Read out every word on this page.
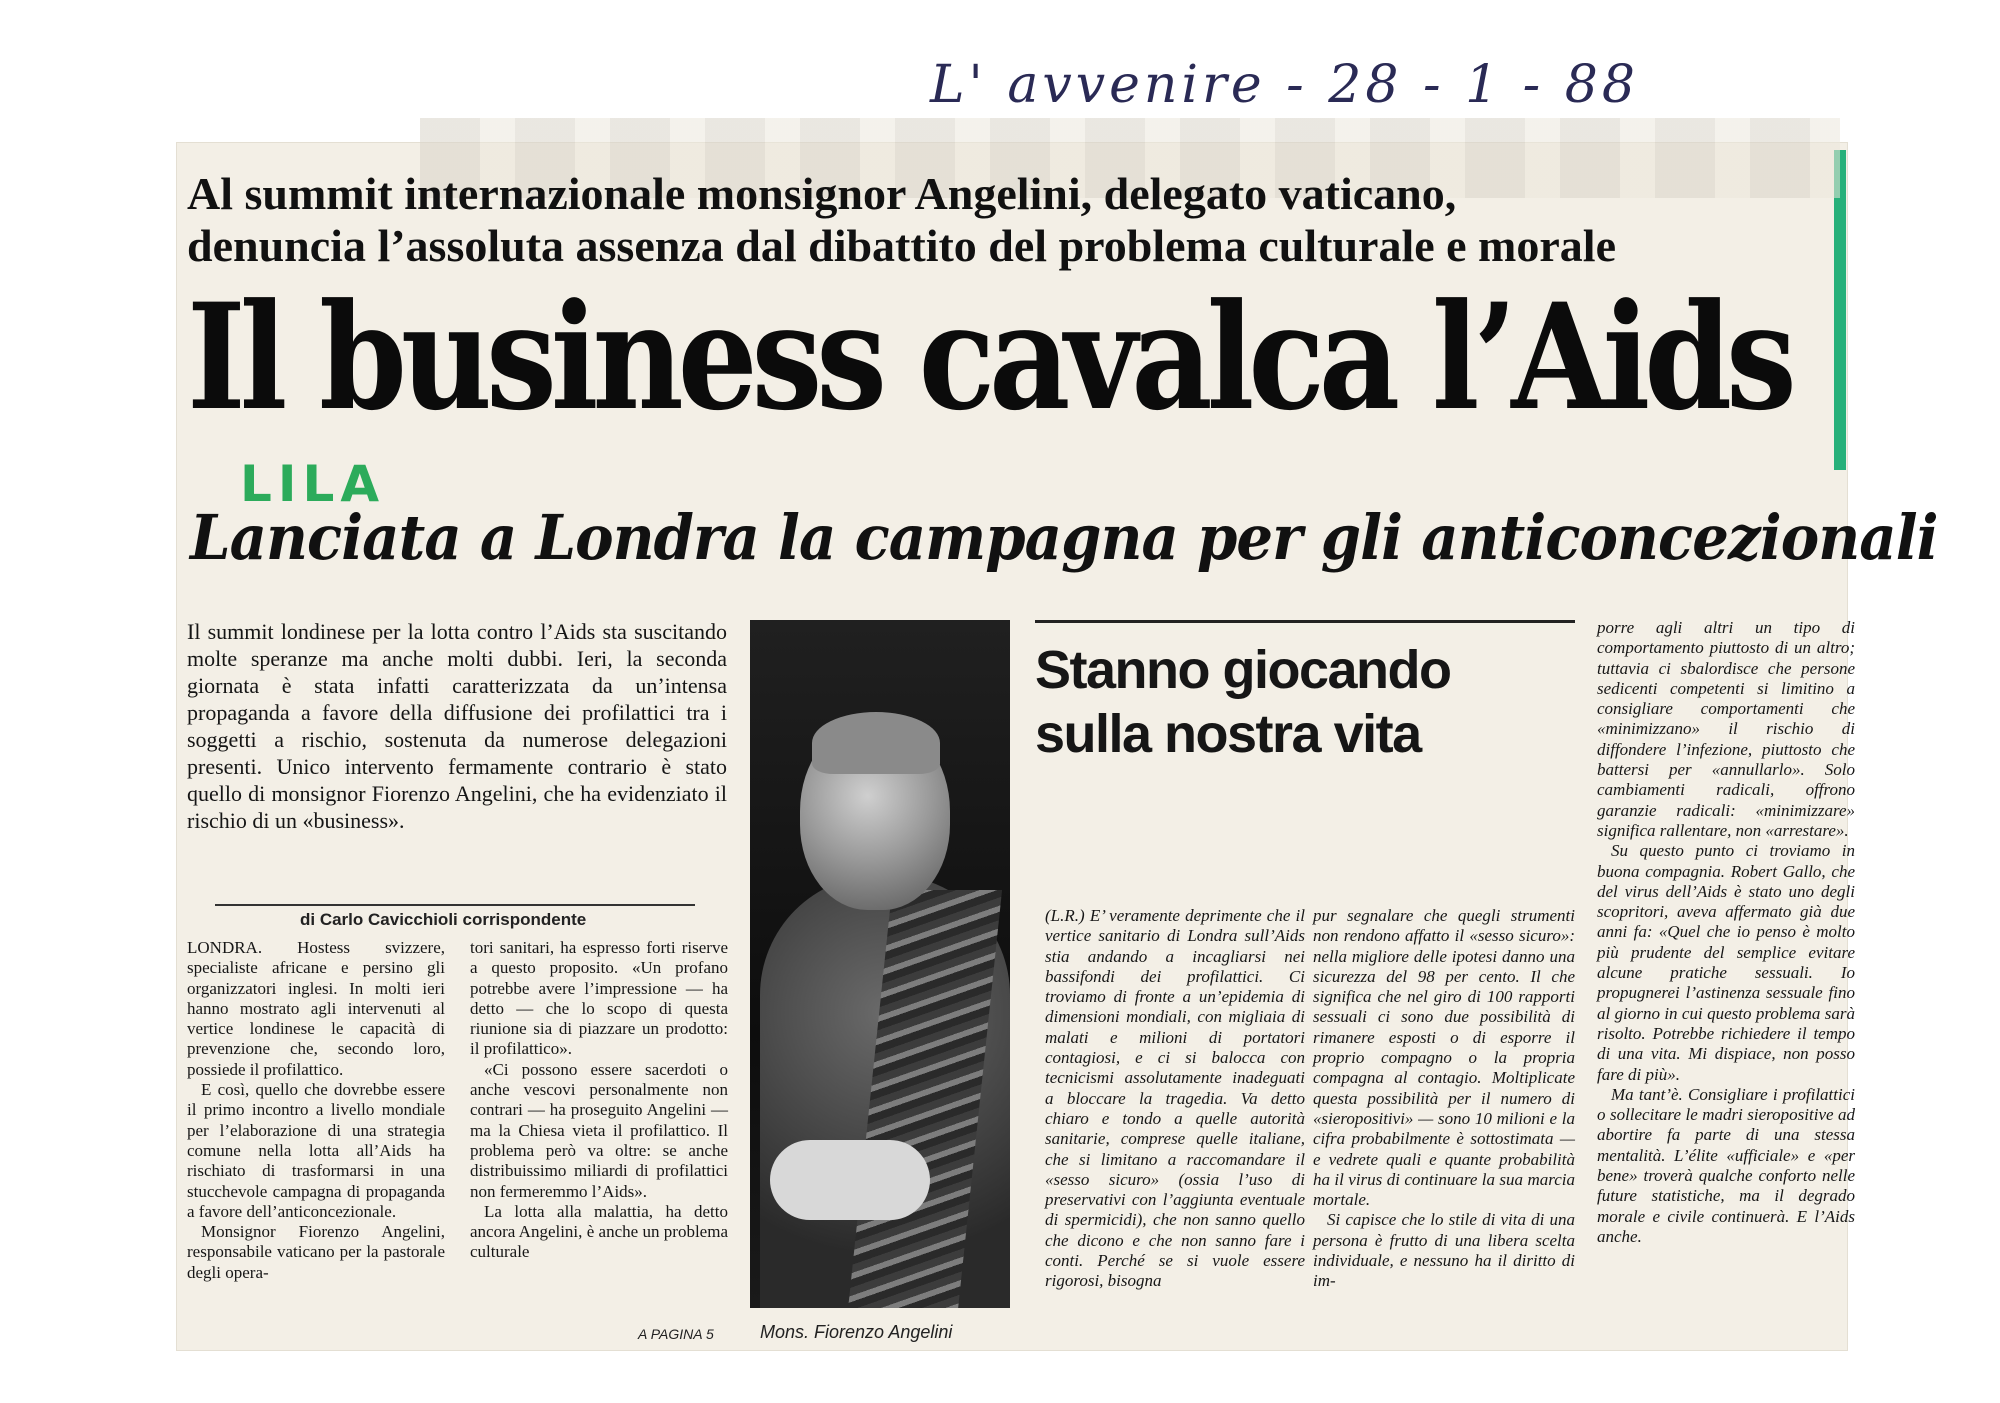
L' avvenire - 28 - 1 - 88
Al summit internazionale monsignor Angelini, delegato vaticano,
denuncia l’assoluta assenza dal dibattito del problema culturale e morale
Il business cavalca l’Aids
LILA
Lanciata a Londra la campagna per gli anticoncezionali

Il summit londinese per la lotta contro l’Aids sta suscitando molte speranze ma anche molti dubbi. Ieri, la seconda giornata è stata infatti caratterizzata da un’intensa propaganda a favore della diffusione dei profilattici tra i soggetti a rischio, sostenuta da numerose delegazioni presenti. Unico intervento fermamente contrario è stato quello di monsignor Fiorenzo Angelini, che ha evidenziato il rischio di un «business».

di Carlo Cavicchioli corrispondente

LONDRA. Hostess svizzere, specialiste africane e persino gli organizzatori inglesi. In molti ieri hanno mostrato agli intervenuti al vertice londinese le capacità di prevenzione che, secondo loro, possiede il profilattico.

E così, quello che dovrebbe essere il primo incontro a livello mondiale per l’elaborazione di una strategia comune nella lotta all’Aids ha rischiato di trasformarsi in una stucchevole campagna di propaganda a favore dell’anticoncezionale.

Monsignor Fiorenzo Angelini, responsabile vaticano per la pastorale degli opera-

tori sanitari, ha espresso forti riserve a questo proposito. «Un profano potrebbe avere l’impressione — ha detto — che lo scopo di questa riunione sia di piazzare un prodotto: il profilattico».

«Ci possono essere sacerdoti o anche vescovi personalmente non contrari — ha proseguito Angelini — ma la Chiesa vieta il profilattico. Il problema però va oltre: se anche distribuissimo miliardi di profilattici non fermeremmo l’Aids».

La lotta alla malattia, ha detto ancora Angelini, è anche un problema culturale

A PAGINA 5	Mons. Fiorenzo Angelini

Stanno giocando
sulla nostra vita

(L.R.) E’ veramente deprimente che il vertice sanitario di Londra sull’Aids stia andando a incagliarsi nei bassifondi dei profilattici. Ci troviamo di fronte a un’epidemia di dimensioni mondiali, con migliaia di malati e milioni di portatori contagiosi, e ci si balocca con tecnicismi assolutamente inadeguati a bloccare la tragedia. Va detto chiaro e tondo a quelle autorità sanitarie, comprese quelle italiane, che si limitano a raccomandare il «sesso sicuro» (ossia l’uso di preservativi con l’aggiunta eventuale di spermicidi), che non sanno quello che dicono e che non sanno fare i conti. Perché se si vuole essere rigorosi, bisogna

pur segnalare che quegli strumenti non rendono affatto il «sesso sicuro»: nella migliore delle ipotesi danno una sicurezza del 98 per cento. Il che significa che nel giro di 100 rapporti sessuali ci sono due possibilità di rimanere esposti o di esporre il proprio compagno o la propria compagna al contagio. Moltiplicate questa possibilità per il numero di «sieropositivi» — sono 10 milioni e la cifra probabilmente è sottostimata — e vedrete quali e quante probabilità ha il virus di continuare la sua marcia mortale.

Si capisce che lo stile di vita di una persona è frutto di una libera scelta individuale, e nessuno ha il diritto di im-

porre agli altri un tipo di comportamento piuttosto di un altro; tuttavia ci sbalordisce che persone sedicenti competenti si limitino a consigliare comportamenti che «minimizzano» il rischio di diffondere l’infezione, piuttosto che battersi per «annullarlo». Solo cambiamenti radicali, offrono garanzie radicali: «minimizzare» significa rallentare, non «arrestare».

Su questo punto ci troviamo in buona compagnia. Robert Gallo, che del virus dell’Aids è stato uno degli scopritori, aveva affermato già due anni fa: «Quel che io penso è molto più prudente del semplice evitare alcune pratiche sessuali. Io propugnerei l’astinenza sessuale fino al giorno in cui questo problema sarà risolto. Potrebbe richiedere il tempo di una vita. Mi dispiace, non posso fare di più».

Ma tant’è. Consigliare i profilattici o sollecitare le madri sieropositive ad abortire fa parte di una stessa mentalità. L’élite «ufficiale» e «per bene» troverà qualche conforto nelle future statistiche, ma il degrado morale e civile continuerà. E l’Aids anche.
